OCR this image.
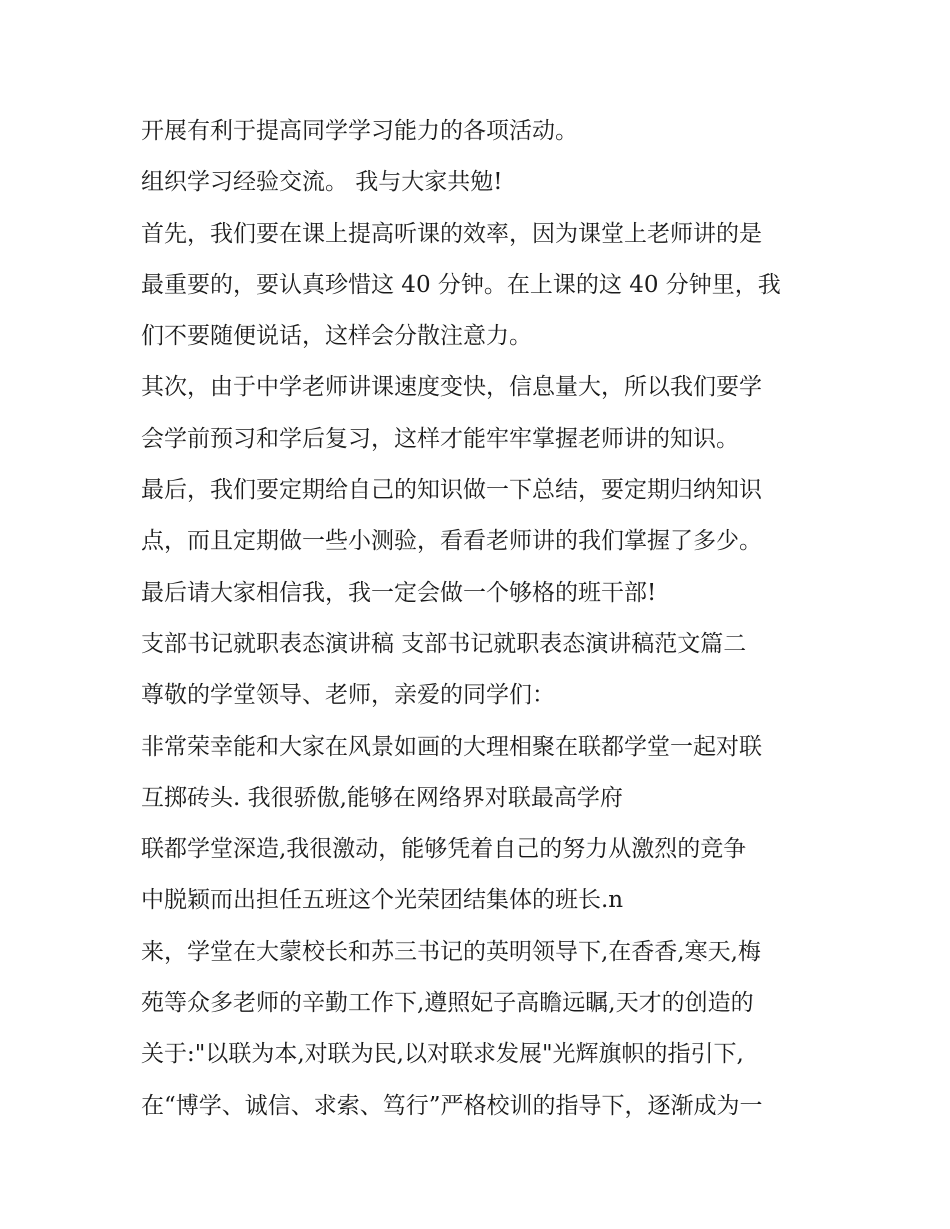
开展有利于提高同学学习能力的各项活动。
组织学习经验交流。 我与大家共勉!
首先，我们要在课上提高听课的效率，因为课堂上老师讲的是
最重要的，要认真珍惜这 40 分钟。在上课的这 40 分钟里，我
们不要随便说话，这样会分散注意力。
其次，由于中学老师讲课速度变快，信息量大，所以我们要学
会学前预习和学后复习，这样才能牢牢掌握老师讲的知识。
最后，我们要定期给自己的知识做一下总结，要定期归纳知识
点，而且定期做一些小测验，看看老师讲的我们掌握了多少。
最后请大家相信我，我一定会做一个够格的班干部!
支部书记就职表态演讲稿 支部书记就职表态演讲稿范文篇二
尊敬的学堂领导、老师，亲爱的同学们：
非常荣幸能和大家在风景如画的大理相聚在联都学堂一起对联
互掷砖头. 我很骄傲,能够在网络界对联最高学府
联都学堂深造,我很激动，能够凭着自己的努力从激烈的竞争
中脱颖而出担任五班这个光荣团结集体的班长.n
来，学堂在大蒙校长和苏三书记的英明领导下,在香香,寒天,梅
苑等众多老师的辛勤工作下,遵照妃子高瞻远瞩,天才的创造的
关于:"以联为本,对联为民,以对联求发展"光辉旗帜的指引下,
在“博学、诚信、求索、笃行”严格校训的指导下，逐渐成为一
